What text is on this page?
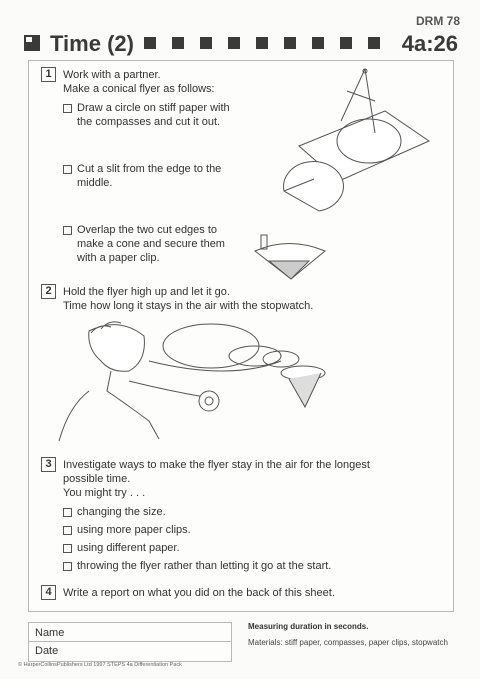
DRM 78
Time (2)	4a:26
1	Work with a partner.
Make a conical flyer as follows:
Draw a circle on stiff paper with
the compasses and cut it out.
Cut a slit from the edge to the
middle.
Overlap the two cut edges to
make a cone and secure them
with a paper clip.
2	Hold the flyer high up and let it go.
Time how long it stays in the air with the stopwatch.
3	Investigate ways to make the flyer stay in the air for the longest
possible time.
You might try . . .
changing the size.
using more paper clips.
using different paper.
throwing the flyer rather than letting it go at the start.
4	Write a report on what you did on the back of this sheet.
Name
Date
Measuring duration in seconds.
Materials: stiff paper, compasses, paper clips, stopwatch
© HarperCollinsPublishers Ltd 1997 STEPS 4a Differentiation Pack
